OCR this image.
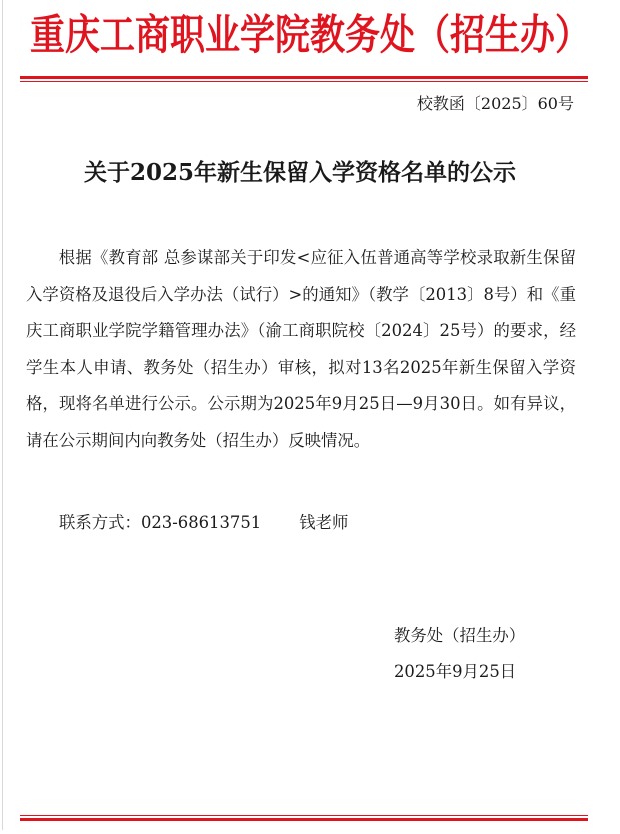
重庆工商职业学院教务处（招生办）
校教函〔2025〕60号
关于2025年新生保留入学资格名单的公示

根据《教育部 总参谋部关于印发<应征入伍普通高等学校录取新生保留入学资格及退役后入学办法（试行）>的通知》（教学〔2013〕8号）和《重庆工商职业学院学籍管理办法》（渝工商职院校〔2024〕25号）的要求，经学生本人申请、教务处（招生办）审核，拟对13名2025年新生保留入学资格，现将名单进行公示。公示期为2025年9月25日—9月30日。如有异议，请在公示期间内向教务处（招生办）反映情况。

联系方式：023-68613751 钱老师
教务处（招生办）
2025年9月25日
